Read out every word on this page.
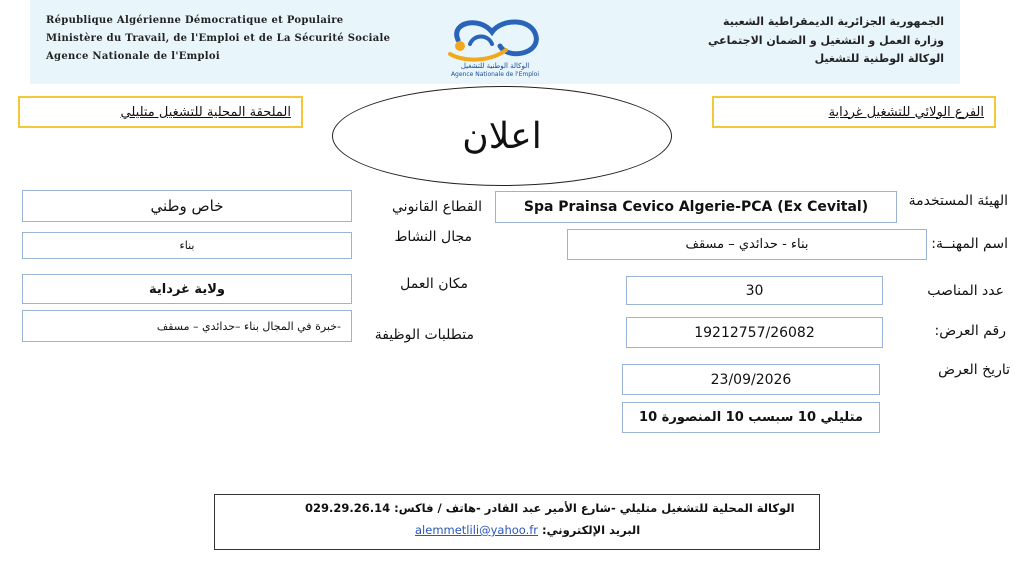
République Algérienne Démocratique et Populaire
Ministère du Travail, de l'Emploi et de La Sécurité Sociale
Agence Nationale de l'Emploi
الجمهورية الجزائرية الديمقراطية الشعبية
وزارة العمل و التشغيل و الضمان الاجتماعي
الوكالة الوطنية للتشغيل
الوكالة الوطنية للتشغيل
Agence Nationale de l'Emploi
الملحقة المحلية للتشغيل متليلي	الفرع الولائي للتشغيل غرداية
اعلان
الهيئة المستخدمة
اسم المهنــة:
عدد المناصب
رقم العرض:
تاريخ العرض
Spa Prainsa Cevico Algerie-PCA (Ex Cevital)
بناء - حدائدي – مسقف
30
19212757/26082
23/09/2026
متليلي 10 سبسب 10 المنصورة 10
القطاع القانوني
مجال النشاط
مكان العمل
متطلبات الوظيفة
خاص وطني
بناء
ولاية غرداية
-خبرة في المجال بناء –حدائدي – مسقف
الوكالة المحلية للتشغيل متليلي -شارع الأمير عبد القادر -هاتف / فاكس: 029.29.26.14
البريد الإلكتروني: alemmetlili@yahoo.fr
